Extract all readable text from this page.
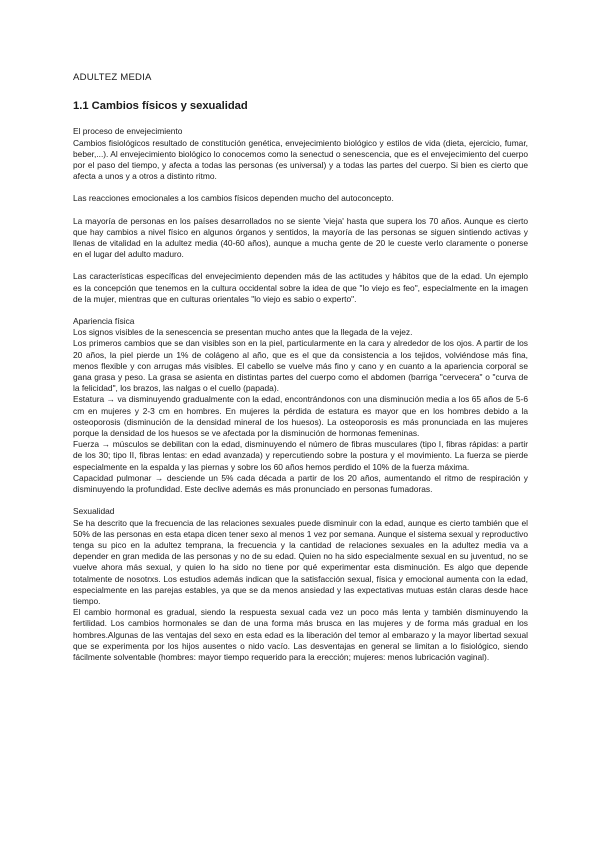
ADULTEZ MEDIA
1.1 Cambios físicos y sexualidad
El proceso de envejecimiento

Cambios fisiológicos resultado de constitución genética, envejecimiento biológico y estilos de vida (dieta, ejercicio, fumar, beber,...). Al envejecimiento biológico lo conocemos como la senectud o senescencia, que es el envejecimiento del cuerpo por el paso del tiempo, y afecta a todas las personas (es universal) y a todas las partes del cuerpo. Si bien es cierto que afecta a unos y a otros a distinto ritmo.

Las reacciones emocionales a los cambios físicos dependen mucho del autoconcepto.

La mayoría de personas en los países desarrollados no se siente 'vieja' hasta que supera los 70 años. Aunque es cierto que hay cambios a nivel físico en algunos órganos y sentidos, la mayoría de las personas se siguen sintiendo activas y llenas de vitalidad en la adultez media (40-60 años), aunque a mucha gente de 20 le cueste verlo claramente o ponerse en el lugar del adulto maduro.

Las características específicas del envejecimiento dependen más de las actitudes y hábitos que de la edad. Un ejemplo es la concepción que tenemos en la cultura occidental sobre la idea de que "lo viejo es feo", especialmente en la imagen de la mujer, mientras que en culturas orientales "lo viejo es sabio o experto".

Apariencia física

Los signos visibles de la senescencia se presentan mucho antes que la llegada de la vejez.

Los primeros cambios que se dan visibles son en la piel, particularmente en la cara y alrededor de los ojos. A partir de los 20 años, la piel pierde un 1% de colágeno al año, que es el que da consistencia a los tejidos, volviéndose más fina, menos flexible y con arrugas más visibles. El cabello se vuelve más fino y cano y en cuanto a la apariencia corporal se gana grasa y peso. La grasa se asienta en distintas partes del cuerpo como el abdomen (barriga "cervecera" o "curva de la felicidad", los brazos, las nalgas o el cuello (papada).

Estatura → va disminuyendo gradualmente con la edad, encontrándonos con una disminución media a los 65 años de 5-6 cm en mujeres y 2-3 cm en hombres. En mujeres la pérdida de estatura es mayor que en los hombres debido a la osteoporosis (disminución de la densidad mineral de los huesos). La osteoporosis es más pronunciada en las mujeres porque la densidad de los huesos se ve afectada por la disminución de hormonas femeninas.

Fuerza → músculos se debilitan con la edad, disminuyendo el número de fibras musculares (tipo I, fibras rápidas: a partir de los 30; tipo II, fibras lentas: en edad avanzada) y repercutiendo sobre la postura y el movimiento. La fuerza se pierde especialmente en la espalda y las piernas y sobre los 60 años hemos perdido el 10% de la fuerza máxima.

Capacidad pulmonar → desciende un 5% cada década a partir de los 20 años, aumentando el ritmo de respiración y disminuyendo la profundidad. Este declive además es más pronunciado en personas fumadoras.

Sexualidad

Se ha descrito que la frecuencia de las relaciones sexuales puede disminuir con la edad, aunque es cierto también que el 50% de las personas en esta etapa dicen tener sexo al menos 1 vez por semana. Aunque el sistema sexual y reproductivo tenga su pico en la adultez temprana, la frecuencia y la cantidad de relaciones sexuales en la adultez media va a depender en gran medida de las personas y no de su edad. Quien no ha sido especialmente sexual en su juventud, no se vuelve ahora más sexual, y quien lo ha sido no tiene por qué experimentar esta disminución. Es algo que depende totalmente de nosotrxs. Los estudios además indican que la satisfacción sexual, física y emocional aumenta con la edad, especialmente en las parejas estables, ya que se da menos ansiedad y las expectativas mutuas están claras desde hace tiempo.

El cambio hormonal es gradual, siendo la respuesta sexual cada vez un poco más lenta y también disminuyendo la fertilidad. Los cambios hormonales se dan de una forma más brusca en las mujeres y de forma más gradual en los hombres.Algunas de las ventajas del sexo en esta edad es la liberación del temor al embarazo y la mayor libertad sexual que se experimenta por los hijos ausentes o nido vacío. Las desventajas en general se limitan a lo fisiológico, siendo fácilmente solventable (hombres: mayor tiempo requerido para la erección; mujeres: menos lubricación vaginal).
